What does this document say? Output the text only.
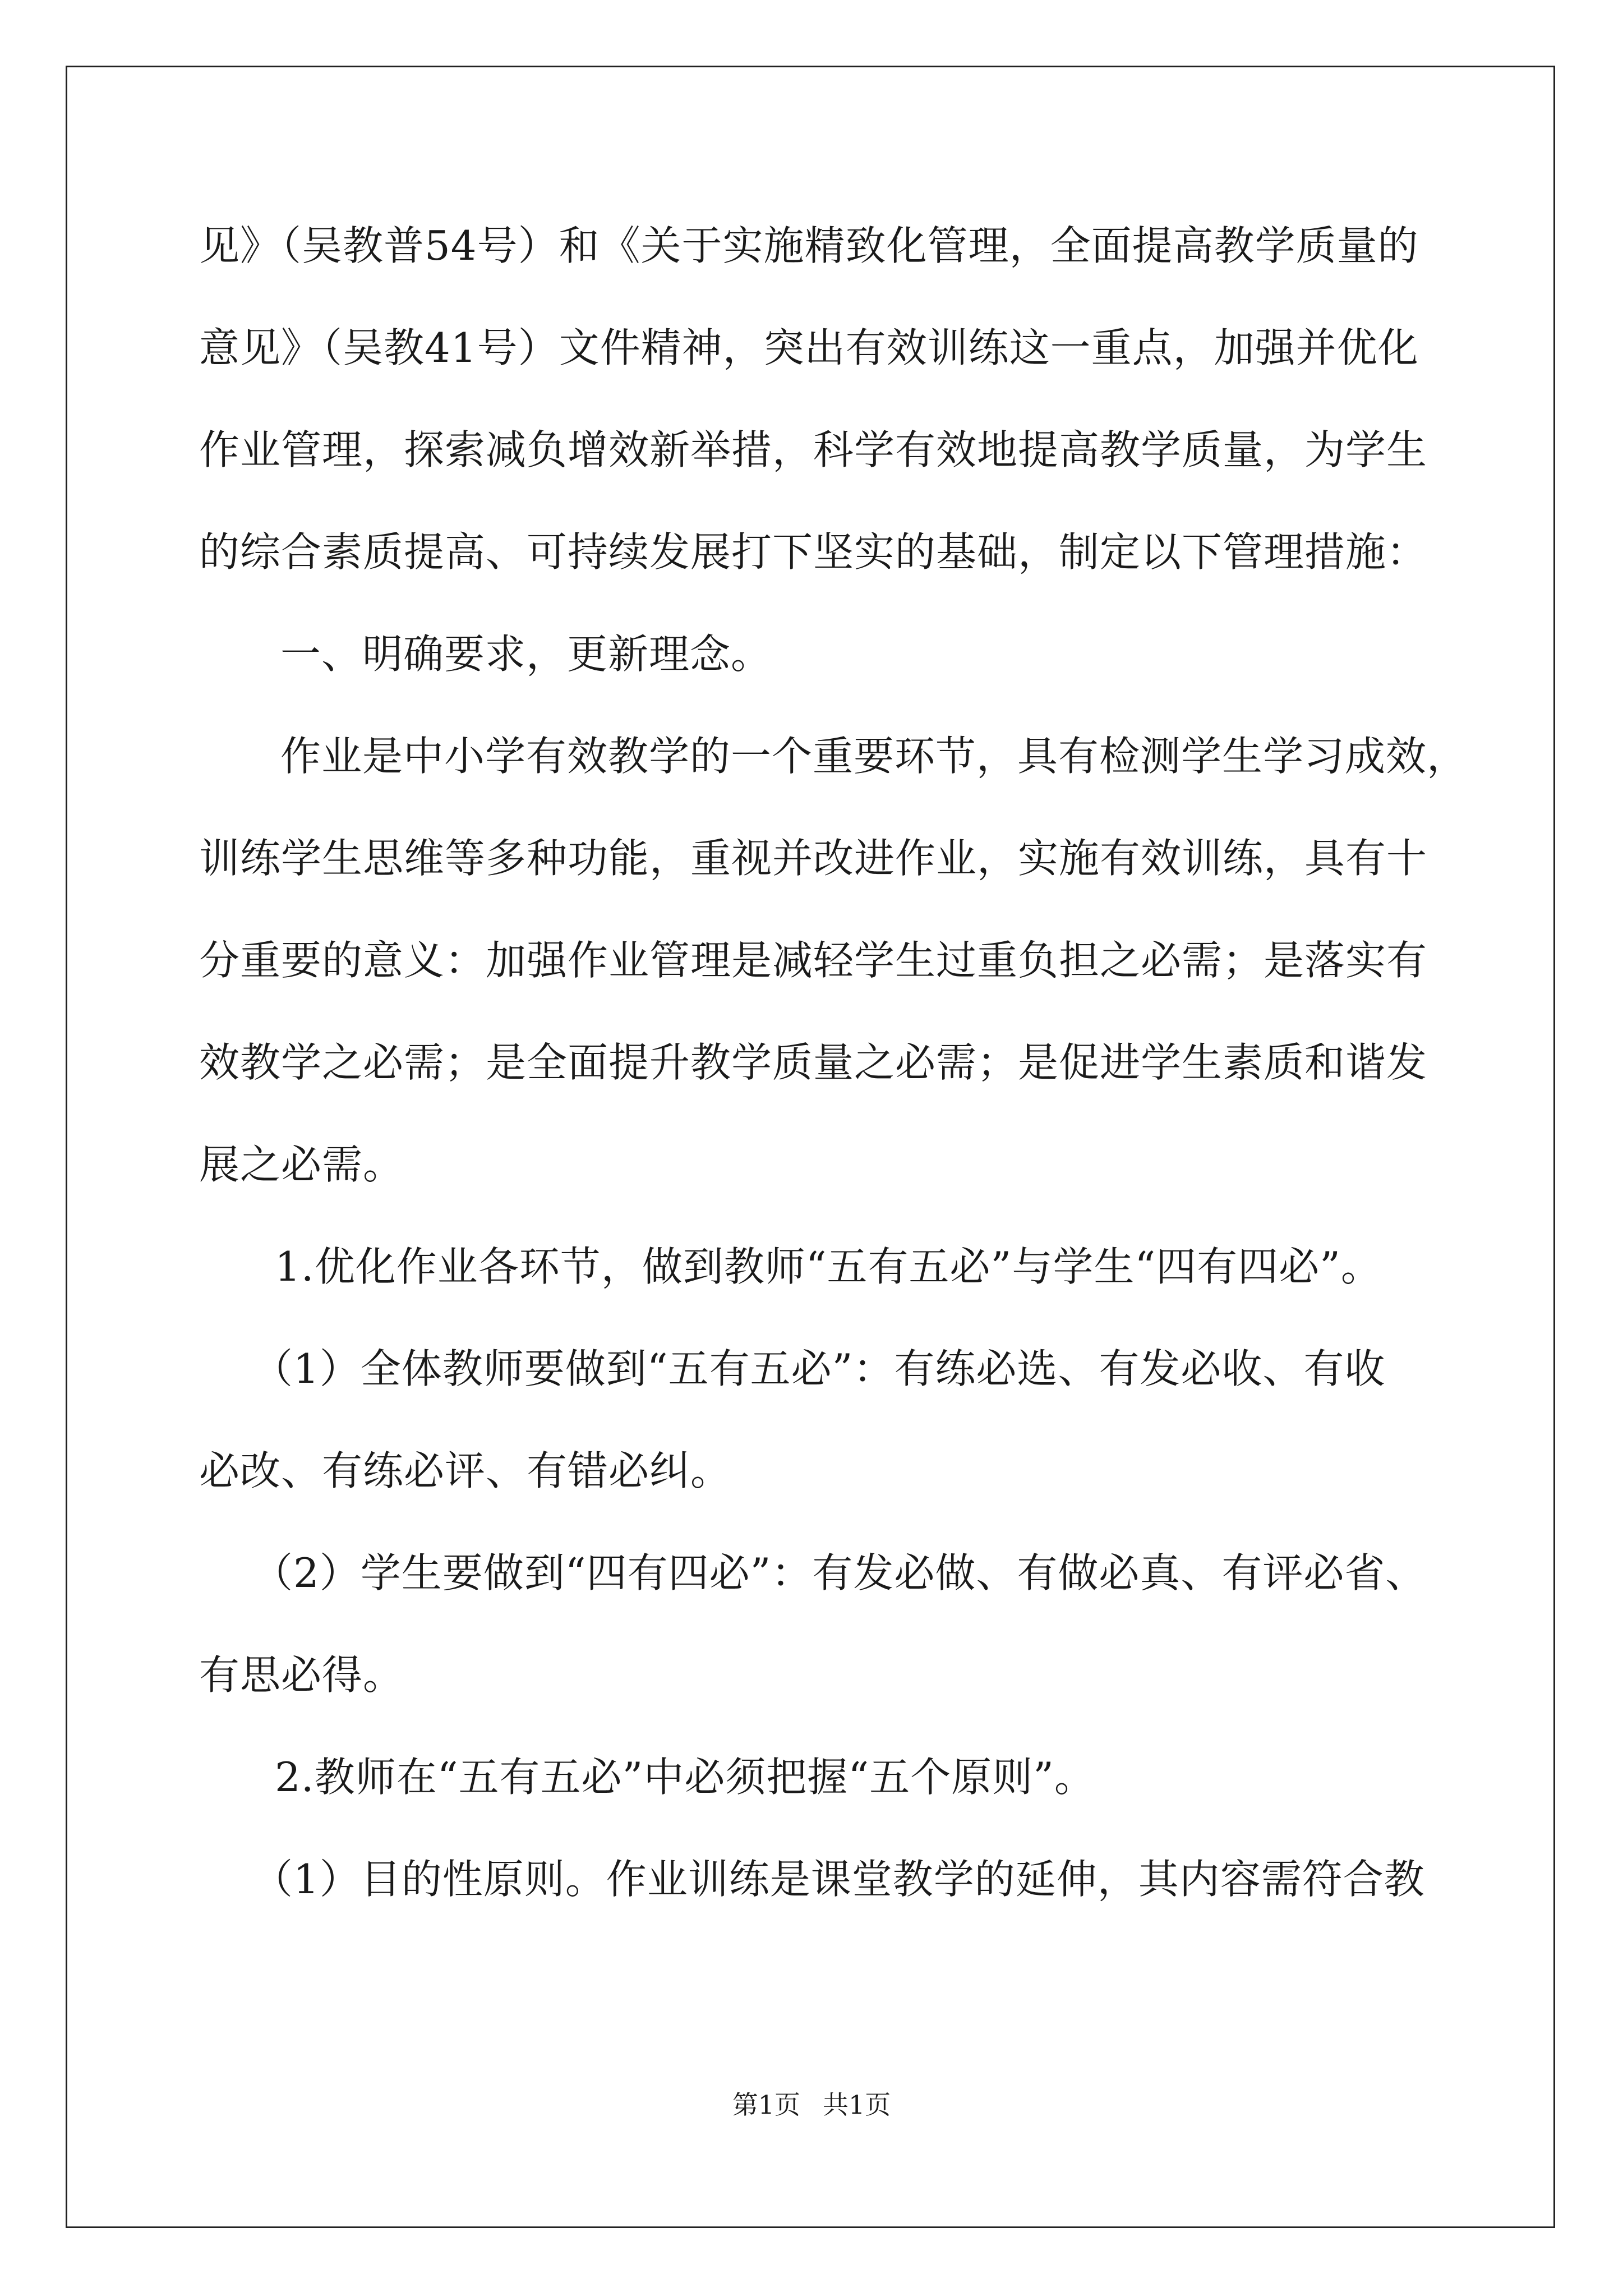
见》（吴教普54号）和《关于实施精致化管理，全面提高教学质量的
意见》（吴教41号）文件精神，突出有效训练这一重点，加强并优化
作业管理，探索减负增效新举措，科学有效地提高教学质量，为学生
的综合素质提高、可持续发展打下坚实的基础，制定以下管理措施：
一、明确要求，更新理念。
作业是中小学有效教学的一个重要环节，具有检测学生学习成效，
训练学生思维等多种功能，重视并改进作业，实施有效训练，具有十
分重要的意义：加强作业管理是减轻学生过重负担之必需；是落实有
效教学之必需；是全面提升教学质量之必需；是促进学生素质和谐发
展之必需。
1.优化作业各环节，做到教师“五有五必”与学生“四有四必”。
（1）全体教师要做到“五有五必”：有练必选、有发必收、有收
必改、有练必评、有错必纠。
（2）学生要做到“四有四必”：有发必做、有做必真、有评必省、
有思必得。
2.教师在“五有五必”中必须把握“五个原则”。
（1）目的性原则。作业训练是课堂教学的延伸，其内容需符合教
第1页 共1页
